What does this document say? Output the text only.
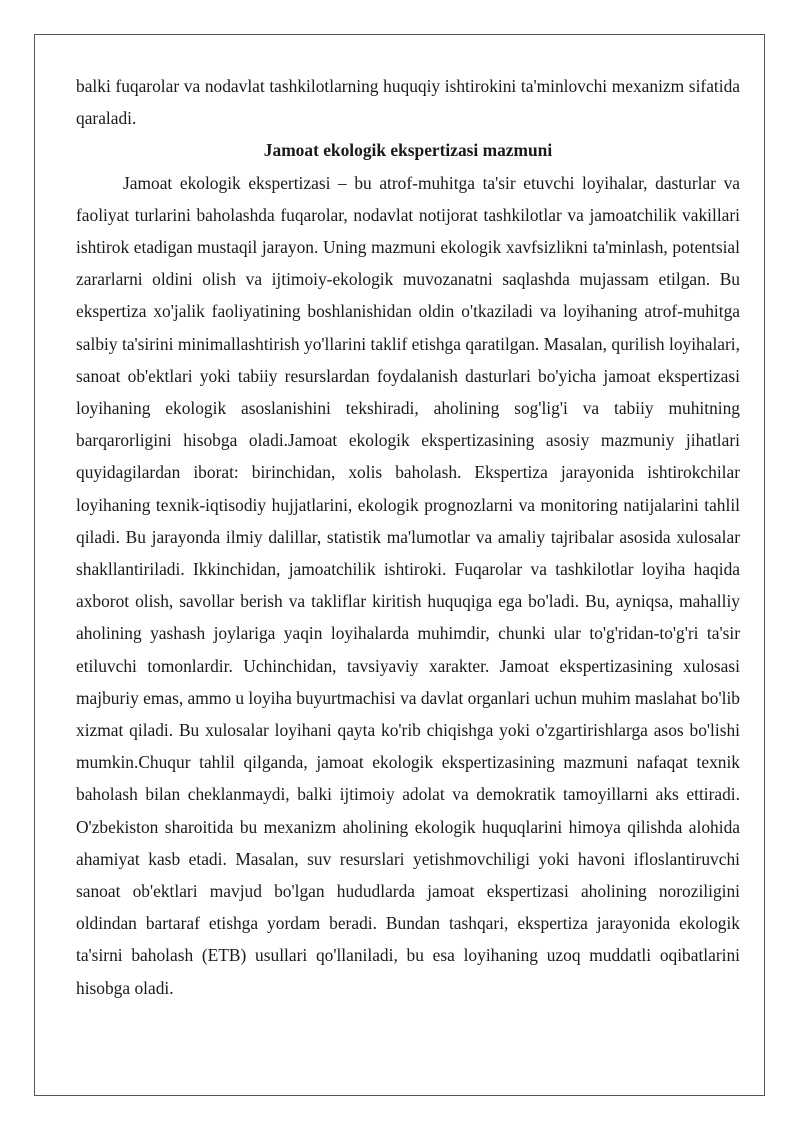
balki fuqarolar va nodavlat tashkilotlarning huquqiy ishtirokini ta'minlovchi mexanizm sifatida qaraladi.

Jamoat ekologik ekspertizasi mazmuni

Jamoat ekologik ekspertizasi – bu atrof-muhitga ta'sir etuvchi loyihalar, dasturlar va faoliyat turlarini baholashda fuqarolar, nodavlat notijorat tashkilotlar va jamoatchilik vakillari ishtirok etadigan mustaqil jarayon. Uning mazmuni ekologik xavfsizlikni ta'minlash, potentsial zararlarni oldini olish va ijtimoiy-ekologik muvozanatni saqlashda mujassam etilgan. Bu ekspertiza xo'jalik faoliyatining boshlanishidan oldin o'tkaziladi va loyihaning atrof-muhitga salbiy ta'sirini minimallashtirish yo'llarini taklif etishga qaratilgan. Masalan, qurilish loyihalari, sanoat ob'ektlari yoki tabiiy resurslardan foydalanish dasturlari bo'yicha jamoat ekspertizasi loyihaning ekologik asoslanishini tekshiradi, aholining sog'lig'i va tabiiy muhitning barqarorligini hisobga oladi.Jamoat ekologik ekspertizasining asosiy mazmuniy jihatlari quyidagilardan iborat: birinchidan, xolis baholash. Ekspertiza jarayonida ishtirokchilar loyihaning texnik-iqtisodiy hujjatlarini, ekologik prognozlarni va monitoring natijalarini tahlil qiladi. Bu jarayonda ilmiy dalillar, statistik ma'lumotlar va amaliy tajribalar asosida xulosalar shakllantiriladi. Ikkinchidan, jamoatchilik ishtiroki. Fuqarolar va tashkilotlar loyiha haqida axborot olish, savollar berish va takliflar kiritish huquqiga ega bo'ladi. Bu, ayniqsa, mahalliy aholining yashash joylariga yaqin loyihalarda muhimdir, chunki ular to'g'ridan-to'g'ri ta'sir etiluvchi tomonlardir. Uchinchidan, tavsiyaviy xarakter. Jamoat ekspertizasining xulosasi majburiy emas, ammo u loyiha buyurtmachisi va davlat organlari uchun muhim maslahat bo'lib xizmat qiladi. Bu xulosalar loyihani qayta ko'rib chiqishga yoki o'zgartirishlarga asos bo'lishi mumkin.Chuqur tahlil qilganda, jamoat ekologik ekspertizasining mazmuni nafaqat texnik baholash bilan cheklanmaydi, balki ijtimoiy adolat va demokratik tamoyillarni aks ettiradi. O'zbekiston sharoitida bu mexanizm aholining ekologik huquqlarini himoya qilishda alohida ahamiyat kasb etadi. Masalan, suv resurslari yetishmovchiligi yoki havoni ifloslantiruvchi sanoat ob'ektlari mavjud bo'lgan hududlarda jamoat ekspertizasi aholining noroziligini oldindan bartaraf etishga yordam beradi. Bundan tashqari, ekspertiza jarayonida ekologik ta'sirni baholash (ETB) usullari qo'llaniladi, bu esa loyihaning uzoq muddatli oqibatlarini hisobga oladi.
